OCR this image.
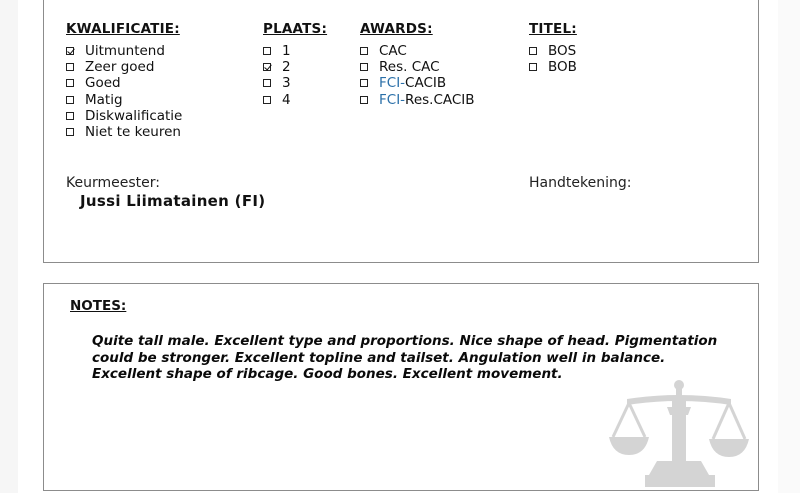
KWALIFICATIE:
Uitmuntend
Zeer goed
Goed
Matig
Diskwalificatie
Niet te keuren
PLAATS:
1
2
3
4
AWARDS:
CAC
Res. CAC
FCI- CACIB
FCI- Res.CACIB
TITEL:
BOS
BOB
Keurmeester:
Jussi Liimatainen (FI)
Handtekening:
NOTES:
Quite tall male. Excellent type and proportions. Nice shape of head. Pigmentation could be stronger. Excellent topline and tailset. Angulation well in balance. Excellent shape of ribcage. Good bones. Excellent movement.
